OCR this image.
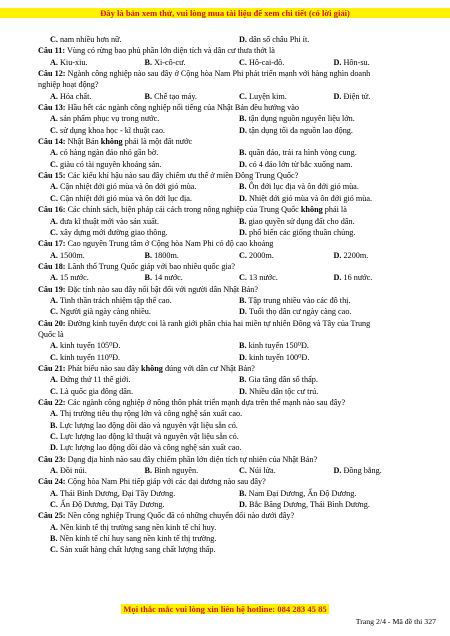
Đây là bản xem thử, vui lòng mua tài liệu để xem chi tiết (có lời giải)
C. nam nhiều hơn nữ.	D. dân số châu Phi ít.
Câu 11: Vùng có rừng bao phủ phần lớn diện tích và dân cư thưa thớt là
A. Kiu-xiu.	B. Xi-cô-cư.	C. Hô-cai-đô.	D. Hôn-su.
Câu 12: Ngành công nghiệp nào sau đây ở Cộng hòa Nam Phi phát triển mạnh với hàng nghìn doanh
nghiệp hoạt động?
A. Hóa chất.	B. Chế tạo máy.	C. Luyện kim.	D. Điện tử.
Câu 13: Hầu hết các ngành công nghiệp nổi tiếng của Nhật Bản đều hướng vào
A. sản phẩm phục vụ trong nước.	B. tận dụng nguồn nguyên liệu lớn.
C. sử dụng khoa học - kĩ thuật cao.	D. tận dụng tối đa nguồn lao động.
Câu 14: Nhật Bản không phải là một đất nước
A. có hàng ngàn đảo nhỏ gần bờ.	B. quần đảo, trải ra hình vòng cung.
C. giàu có tài nguyên khoáng sản.	D. có 4 đảo lớn từ bắc xuống nam.
Câu 15: Các kiểu khí hậu nào sau đây chiếm ưu thế ở miền Đông Trung Quốc?
A. Cận nhiệt đới gió mùa và ôn đới gió mùa.	B. Ôn đới lục địa và ôn đới gió mùa.
C. Cận nhiệt đới gió mùa và ôn đới lục địa.	D. Nhiệt đới gió mùa và ôn đới gió mùa.
Câu 16: Các chính sách, biện pháp cải cách trong nông nghiệp của Trung Quốc không phải là
A. đưa kĩ thuật mới vào sản xuất.	B. giao quyền sử dụng đất cho dân.
C. xây dựng mới đường giao thông.	D. phổ biến các giống thuần chủng.
Câu 17: Cao nguyên Trung tâm ở Cộng hòa Nam Phi có độ cao khoảng
A. 1500m.	B. 1800m.	C. 2000m.	D. 2200m.
Câu 18: Lãnh thổ Trung Quốc giáp với bao nhiêu quốc gia?
A. 15 nước.	B. 14 nước.	C. 13 nước.	D. 16 nước.
Câu 19: Đặc tính nào sau đây nổi bật đối với người dân Nhật Bản?
A. Tinh thần trách nhiệm tập thể cao.	B. Tập trung nhiều vào các đô thị.
C. Người già ngày càng nhiều.	D. Tuổi thọ dân cư ngày càng cao.
Câu 20: Đường kinh tuyến được coi là ranh giới phân chia hai miền tự nhiên Đông và Tây của Trung
Quốc là
A. kinh tuyến 105⁰Đ.	B. kinh tuyến 150⁰Đ.
C. kinh tuyến 110⁰Đ.	D. kinh tuyến 100⁰Đ.
Câu 21: Phát biểu nào sau đây không đúng với dân cư Nhật Bản?
A. Đứng thứ 11 thế giới.	B. Gia tăng dân số thấp.
C. Là quốc gia đông dân.	D. Nhiều dân tộc cư trú.
Câu 22: Các ngành công nghiệp ở nông thôn phát triển mạnh dựa trên thế mạnh nào sau đây?
A. Thị trường tiêu thụ rộng lớn và công nghệ sản xuất cao.
B. Lực lượng lao động dồi dào và nguyên vật liệu sẵn có.
C. Lực lượng lao động kĩ thuật và nguyên vật liệu sẵn có.
D. Lực lượng lao động dồi dào và công nghệ sản xuất cao.
Câu 23: Dạng địa hình nào sau đây chiếm phần lớn diện tích tự nhiên của Nhật Bản?
A. Đồi núi.	B. Bình nguyên.	C. Núi lửa.	D. Đồng bằng.
Câu 24: Cộng hòa Nam Phi tiếp giáp với các đại dương nào sau đây?
A. Thái Bình Dương, Đại Tây Dương.	B. Nam Đại Dương, Ấn Độ Dương.
C. Ấn Độ Dương, Đại Tây Dương.	D. Bắc Băng Dương, Thái Bình Dương.
Câu 25: Nền công nghiệp Trung Quốc đã có những chuyển đổi nào dưới đây?
A. Nền kinh tế thị trường sang nền kinh tế chỉ huy.
B. Nền kinh tế chỉ huy sang nền kinh tế thị trường.
C. Sản xuất hàng chất lượng sang chất lượng thấp.
Mọi thắc mắc vui lòng xin liên hệ hotline: 084 283 45 85
Trang 2/4 - Mã đề thi 327
